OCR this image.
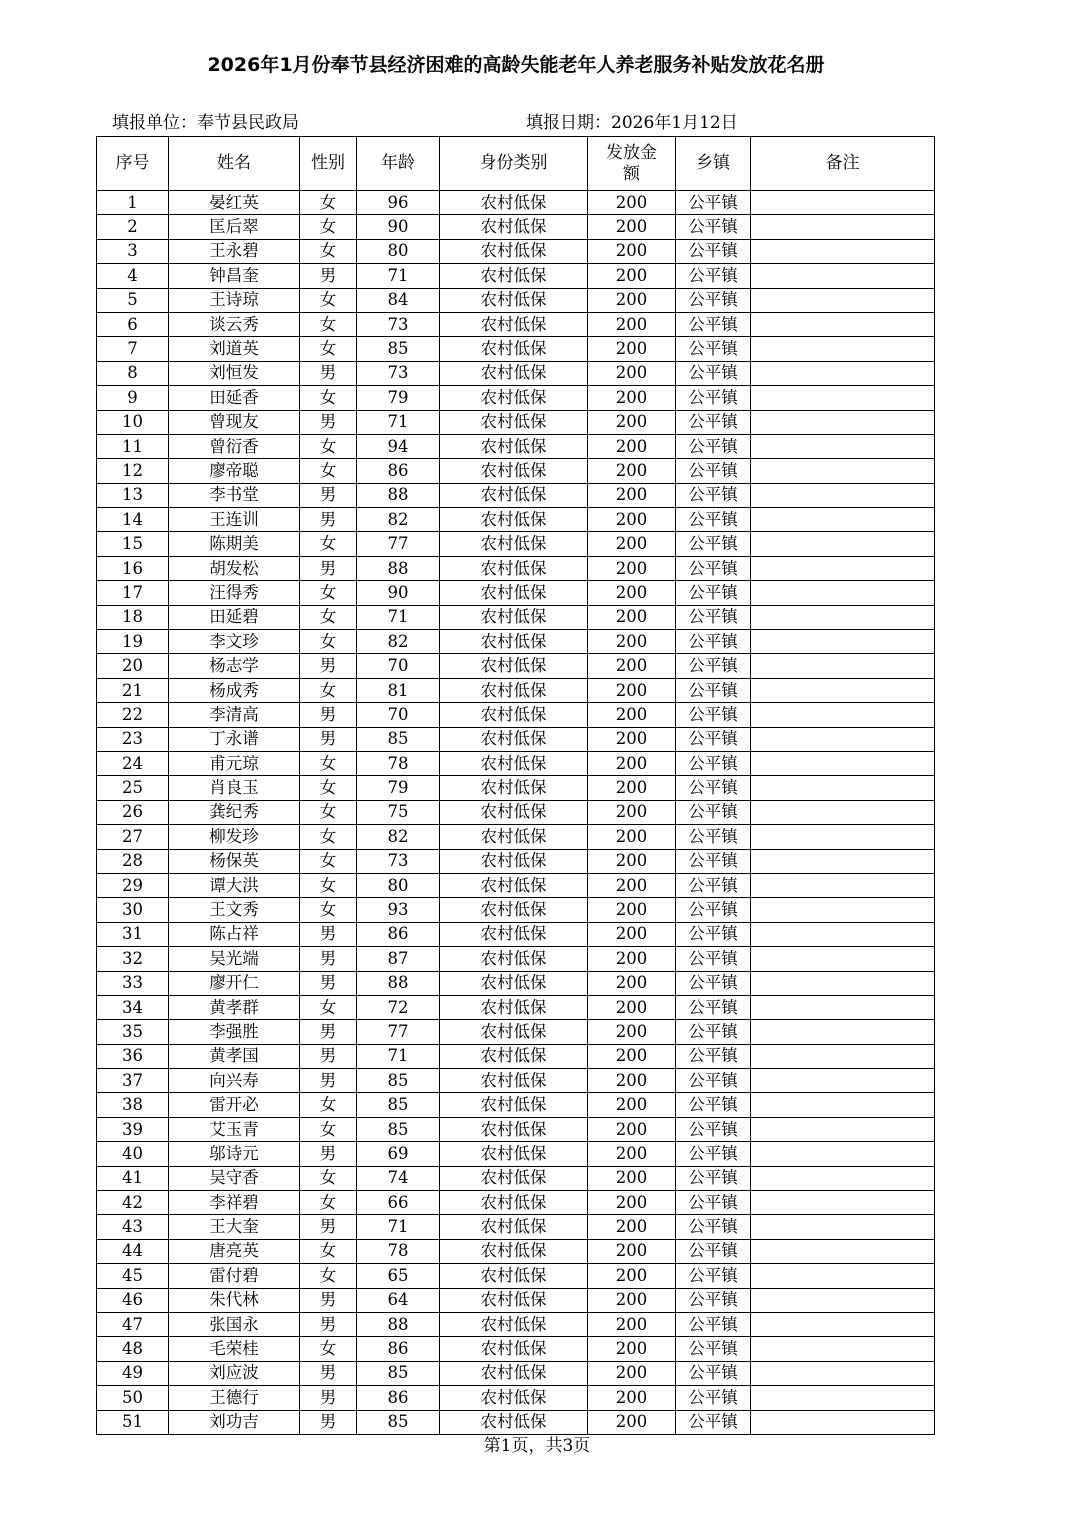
2026年1月份奉节县经济困难的高龄失能老年人养老服务补贴发放花名册
填报单位：奉节县民政局	填报日期：2026年1月12日
序号	姓名	性别	年龄	身份类别	发放金
额	乡镇	备注
1	晏红英	女	96	农村低保	200	公平镇	
2	匡后翠	女	90	农村低保	200	公平镇	
3	王永碧	女	80	农村低保	200	公平镇	
4	钟昌奎	男	71	农村低保	200	公平镇	
5	王诗琼	女	84	农村低保	200	公平镇	
6	谈云秀	女	73	农村低保	200	公平镇	
7	刘道英	女	85	农村低保	200	公平镇	
8	刘恒发	男	73	农村低保	200	公平镇	
9	田延香	女	79	农村低保	200	公平镇	
10	曾现友	男	71	农村低保	200	公平镇	
11	曾衍香	女	94	农村低保	200	公平镇	
12	廖帝聪	女	86	农村低保	200	公平镇	
13	李书堂	男	88	农村低保	200	公平镇	
14	王连训	男	82	农村低保	200	公平镇	
15	陈期美	女	77	农村低保	200	公平镇	
16	胡发松	男	88	农村低保	200	公平镇	
17	汪得秀	女	90	农村低保	200	公平镇	
18	田延碧	女	71	农村低保	200	公平镇	
19	李文珍	女	82	农村低保	200	公平镇	
20	杨志学	男	70	农村低保	200	公平镇	
21	杨成秀	女	81	农村低保	200	公平镇	
22	李清高	男	70	农村低保	200	公平镇	
23	丁永谱	男	85	农村低保	200	公平镇	
24	甫元琼	女	78	农村低保	200	公平镇	
25	肖良玉	女	79	农村低保	200	公平镇	
26	龚纪秀	女	75	农村低保	200	公平镇	
27	柳发珍	女	82	农村低保	200	公平镇	
28	杨保英	女	73	农村低保	200	公平镇	
29	谭大洪	女	80	农村低保	200	公平镇	
30	王文秀	女	93	农村低保	200	公平镇	
31	陈占祥	男	86	农村低保	200	公平镇	
32	吴光端	男	87	农村低保	200	公平镇	
33	廖开仁	男	88	农村低保	200	公平镇	
34	黄孝群	女	72	农村低保	200	公平镇	
35	李强胜	男	77	农村低保	200	公平镇	
36	黄孝国	男	71	农村低保	200	公平镇	
37	向兴寿	男	85	农村低保	200	公平镇	
38	雷开必	女	85	农村低保	200	公平镇	
39	艾玉青	女	85	农村低保	200	公平镇	
40	邬诗元	男	69	农村低保	200	公平镇	
41	吴守香	女	74	农村低保	200	公平镇	
42	李祥碧	女	66	农村低保	200	公平镇	
43	王大奎	男	71	农村低保	200	公平镇	
44	唐亮英	女	78	农村低保	200	公平镇	
45	雷付碧	女	65	农村低保	200	公平镇	
46	朱代林	男	64	农村低保	200	公平镇	
47	张国永	男	88	农村低保	200	公平镇	
48	毛荣桂	女	86	农村低保	200	公平镇	
49	刘应波	男	85	农村低保	200	公平镇	
50	王德行	男	86	农村低保	200	公平镇	
51	刘功吉	男	85	农村低保	200	公平镇	
第1页，共3页
